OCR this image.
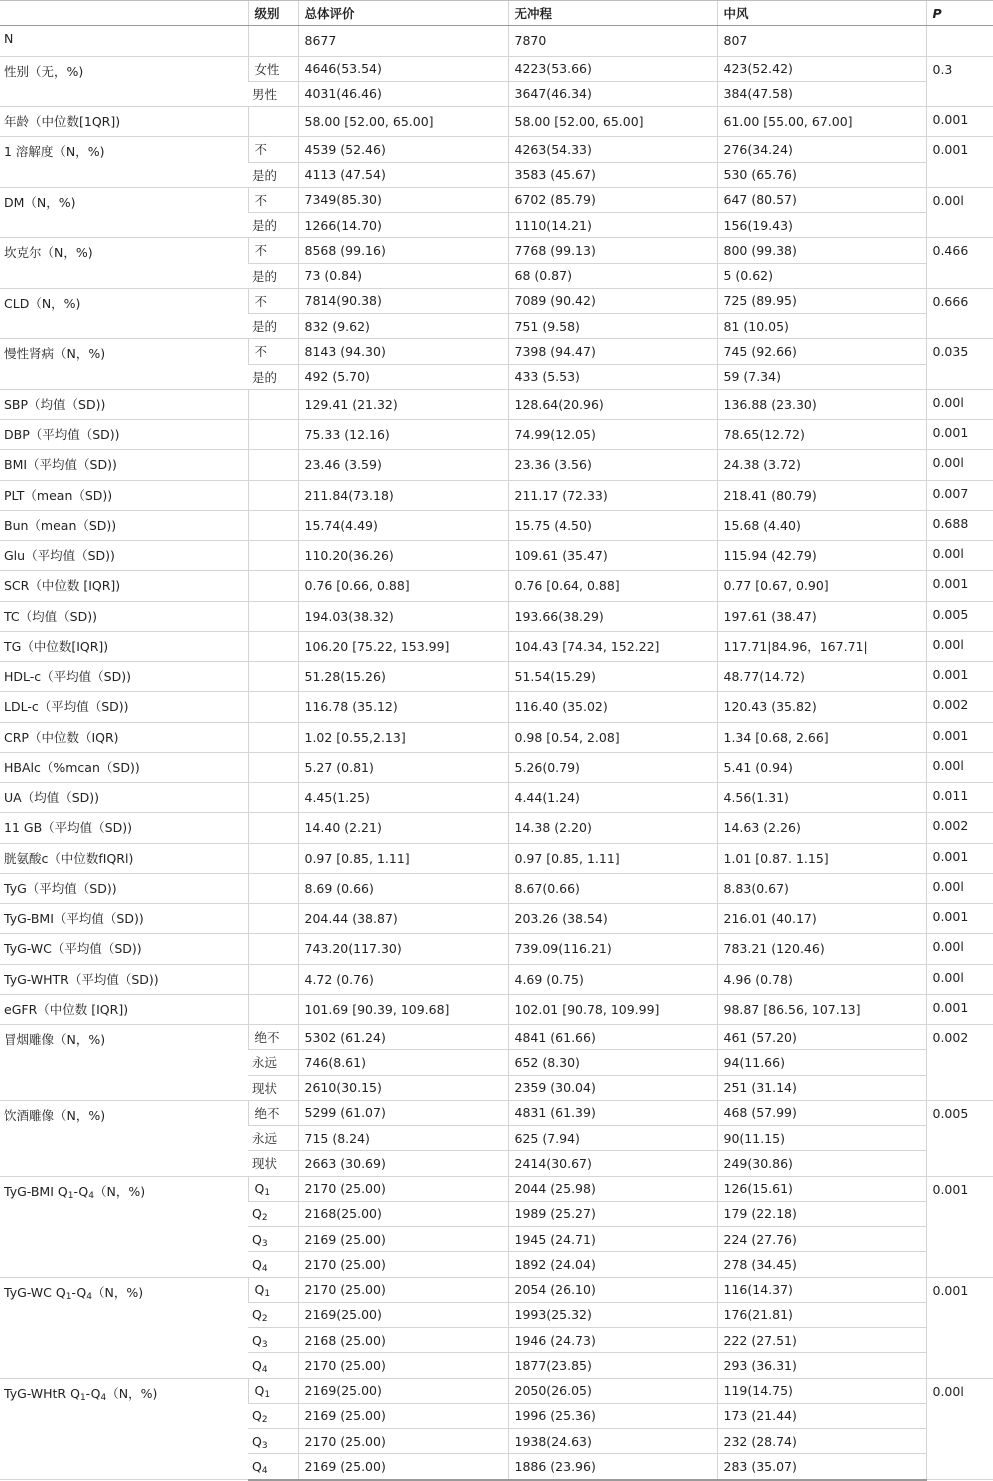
	级别	总体评价	无冲程	中风	P
N		8677	7870	807	
性别（无，%)	女性	4646(53.54)	4223(53.66)	423(52.42)	0.3
	男性	4031(46.46)	3647(46.34)	384(47.58)	
年龄（中位数[1QR])		58.00 [52.00, 65.00]	58.00 [52.00, 65.00]	61.00 [55.00, 67.00]	0.001
1 溶解度（N，%)	不	4539 (52.46)	4263(54.33)	276(34.24)	0.001
	是的	4113 (47.54)	3583 (45.67)	530 (65.76)	
DM（N，%)	不	7349(85.30)	6702 (85.79)	647 (80.57)	0.00l
	是的	1266(14.70)	1110(14.21)	156(19.43)	
坎克尔（N，%)	不	8568 (99.16)	7768 (99.13)	800 (99.38)	0.466
	是的	73 (0.84)	68 (0.87)	5 (0.62)	
CLD（N，%)	不	7814(90.38)	7089 (90.42)	725 (89.95)	0.666
	是的	832 (9.62)	751 (9.58)	81 (10.05)	
慢性肾病（N，%)	不	8143 (94.30)	7398 (94.47)	745 (92.66)	0.035
	是的	492 (5.70)	433 (5.53)	59 (7.34)	
SBP（均值（SD))		129.41 (21.32)	128.64(20.96)	136.88 (23.30)	0.00l
DBP（平均值（SD))		75.33 (12.16)	74.99(12.05)	78.65(12.72)	0.001
BMI（平均值（SD))		23.46 (3.59)	23.36 (3.56)	24.38 (3.72)	0.00l
PLT（mean（SD))		211.84(73.18)	211.17 (72.33)	218.41 (80.79)	0.007
Bun（mean（SD))		15.74(4.49)	15.75 (4.50)	15.68 (4.40)	0.688
Glu（平均值（SD))		110.20(36.26)	109.61 (35.47)	115.94 (42.79)	0.00l
SCR（中位数 [IQR])		0.76 [0.66, 0.88]	0.76 [0.64, 0.88]	0.77 [0.67, 0.90]	0.001
TC（均值（SD))		194.03(38.32)	193.66(38.29)	197.61 (38.47)	0.005
TG（中位数[IQR])		106.20 [75.22, 153.99]	104.43 [74.34, 152.22]	117.71|84.96，167.71|	0.00l
HDL-c（平均值（SD))		51.28(15.26)	51.54(15.29)	48.77(14.72)	0.001
LDL-c（平均值（SD))		116.78 (35.12)	116.40 (35.02)	120.43 (35.82)	0.002
CRP（中位数（IQR)		1.02 [0.55,2.13]	0.98 [0.54, 2.08]	1.34 [0.68, 2.66]	0.001
HBAlc（%mcan（SD))		5.27 (0.81)	5.26(0.79)	5.41 (0.94)	0.00l
UA（均值（SD))		4.45(1.25)	4.44(1.24)	4.56(1.31)	0.011
11 GB（平均值（SD))		14.40 (2.21)	14.38 (2.20)	14.63 (2.26)	0.002
胱氨酸c（中位数fIQRl)		0.97 [0.85, 1.11]	0.97 [0.85, 1.11]	1.01 [0.87. 1.15]	0.001
TyG（平均值（SD))		8.69 (0.66)	8.67(0.66)	8.83(0.67)	0.00l
TyG-BMI（平均值（SD))		204.44 (38.87)	203.26 (38.54)	216.01 (40.17)	0.001
TyG-WC（平均值（SD))		743.20(117.30)	739.09(116.21)	783.21 (120.46)	0.00l
TyG-WHTR（平均值（SD))		4.72 (0.76)	4.69 (0.75)	4.96 (0.78)	0.00l
eGFR（中位数 [IQR])		101.69 [90.39, 109.68]	102.01 [90.78, 109.99]	98.87 [86.56, 107.13]	0.001
冒烟雕像（N，%)	绝不	5302 (61.24)	4841 (61.66)	461 (57.20)	0.002
	永远	746(8.61)	652 (8.30)	94(11.66)	
	现状	2610(30.15)	2359 (30.04)	251 (31.14)	
饮酒雕像（N，%)	绝不	5299 (61.07)	4831 (61.39)	468 (57.99)	0.005
	永远	715 (8.24)	625 (7.94)	90(11.15)	
	现状	2663 (30.69)	2414(30.67)	249(30.86)	
TyG-BMI $Q_1-Q_4(N$，%)	$Q_1$	2170 (25.00)	2044 (25.98)	126(15.61)	0.001
	$Q_2$	2168(25.00)	1989 (25.27)	179 (22.18)	
	$Q_3$	2169 (25.00)	1945 (24.71)	224 (27.76)	
	$Q_4$	2170 (25.00)	1892 (24.04)	278 (34.45)	
TyG-WC $Q_1-Q_4(N$，%)	$Q_1$	2170 (25.00)	2054 (26.10)	116(14.37)	0.001
	$Q_2$	2169(25.00)	1993(25.32)	176(21.81)	
	$Q_3$	2168 (25.00)	1946 (24.73)	222 (27.51)	
	$Q_4$	2170 (25.00)	1877(23.85)	293 (36.31)	
TyG-WHtR $Q_1-Q_4(N$，%)	$Q_1$	2169(25.00)	2050(26.05)	119(14.75)	0.00l
	$Q_2$	2169 (25.00)	1996 (25.36)	173 (21.44)	
	$Q_3$	2170 (25.00)	1938(24.63)	232 (28.74)	
	$Q_4$	2169 (25.00)	1886 (23.96)	283 (35.07)	
